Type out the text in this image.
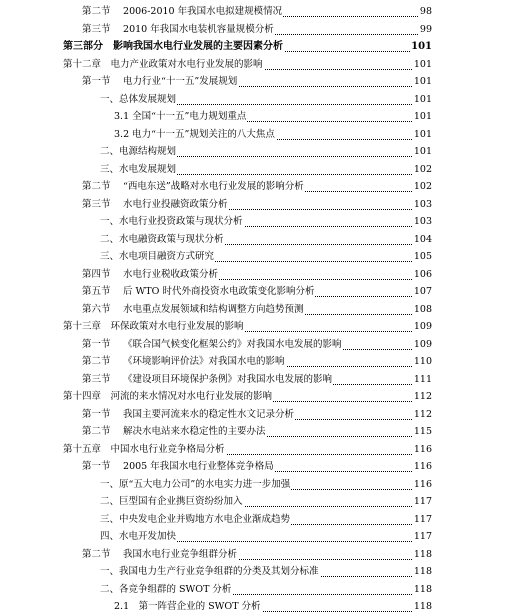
第二节　 2006-2010 年我国水电拟建规模情况	98
第三节　 2010 年我国水电装机容量规模分析	99
第三部分　影响我国水电行业发展的主要因素分析	101
第十二章　电力产业政策对水电行业发展的影响	101
第一节　 电力行业“十一五”发展规划	101
一、总体发展规划	101
3.1 全国“十一五”电力规划重点	101
3.2 电力“十一五”规划关注的八大焦点	101
二、电源结构规划	101
三、水电发展规划	102
第二节　 “西电东送”战略对水电行业发展的影响分析	102
第三节　 水电行业投融资政策分析	103
一、水电行业投资政策与现状分析	103
二、水电融资政策与现状分析	104
三、水电项目融资方式研究	105
第四节　 水电行业税收政策分析	106
第五节　 后 WTO 时代外商投资水电政策变化影响分析	107
第六节　 水电重点发展领域和结构调整方向趋势预测	108
第十三章　环保政策对水电行业发展的影响	109
第一节　 《联合国气候变化框架公约》对我国水电发展的影响	109
第二节　 《环境影响评价法》对我国水电的影响	110
第三节　 《建设项目环境保护条例》对我国水电发展的影响	111
第十四章　河流的来水情况对水电行业发展的影响	112
第一节　 我国主要河流来水的稳定性水文记录分析	112
第二节　 解决水电站来水稳定性的主要办法	115
第十五章　中国水电行业竞争格局分析	116
第一节　 2005 年我国水电行业整体竞争格局	116
一、原“五大电力公司”的水电实力进一步加强	116
二、巨型国有企业携巨资纷纷加入	117
三、中央发电企业并购地方水电企业渐成趋势	117
四、水电开发加快	117
第二节　 我国水电行业竞争组群分析	118
一、我国电力生产行业竞争组群的分类及其划分标准	118
二、各竞争组群的 SWOT 分析	118
2.1　第一阵营企业的 SWOT 分析	118
